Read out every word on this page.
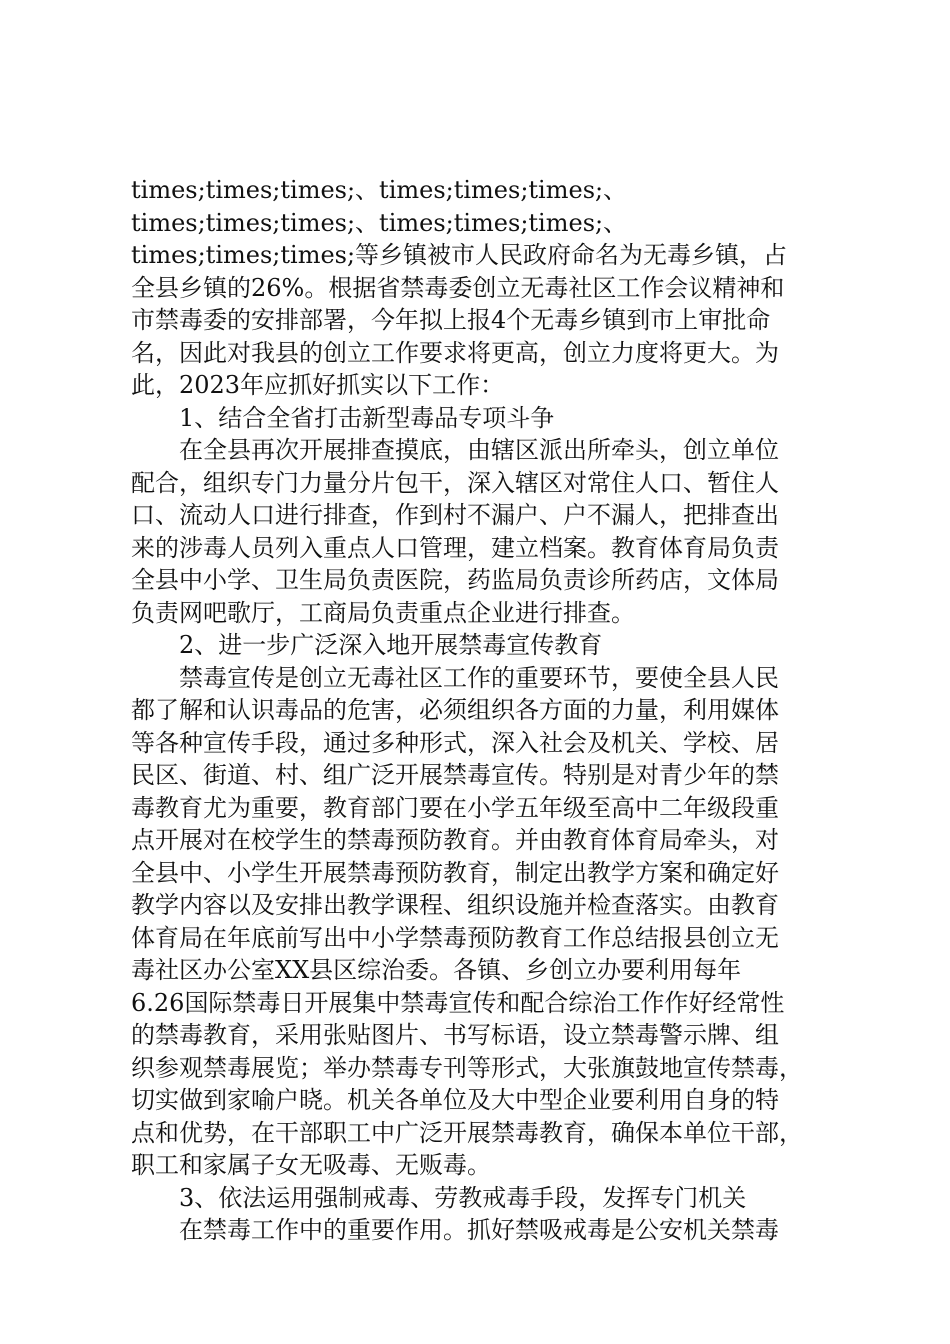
times;times;times;、times;times;times;、
times;times;times;、times;times;times;、
times;times;times;等乡镇被市人民政府命名为无毒乡镇，占
全县乡镇的26%。根据省禁毒委创立无毒社区工作会议精神和
市禁毒委的安排部署，今年拟上报4个无毒乡镇到市上审批命
名，因此对我县的创立工作要求将更高，创立力度将更大。为
此，2023年应抓好抓实以下工作：
1、结合全省打击新型毒品专项斗争
在全县再次开展排查摸底，由辖区派出所牵头，创立单位
配合，组织专门力量分片包干，深入辖区对常住人口、暂住人
口、流动人口进行排查，作到村不漏户、户不漏人，把排查出
来的涉毒人员列入重点人口管理，建立档案。教育体育局负责
全县中小学、卫生局负责医院，药监局负责诊所药店，文体局
负责网吧歌厅，工商局负责重点企业进行排查。
2、进一步广泛深入地开展禁毒宣传教育
禁毒宣传是创立无毒社区工作的重要环节，要使全县人民
都了解和认识毒品的危害，必须组织各方面的力量，利用媒体
等各种宣传手段，通过多种形式，深入社会及机关、学校、居
民区、街道、村、组广泛开展禁毒宣传。特别是对青少年的禁
毒教育尤为重要，教育部门要在小学五年级至高中二年级段重
点开展对在校学生的禁毒预防教育。并由教育体育局牵头，对
全县中、小学生开展禁毒预防教育，制定出教学方案和确定好
教学内容以及安排出教学课程、组织设施并检查落实。由教育
体育局在年底前写出中小学禁毒预防教育工作总结报县创立无
毒社区办公室XX县区综治委。各镇、乡创立办要利用每年
6.26国际禁毒日开展集中禁毒宣传和配合综治工作作好经常性
的禁毒教育，采用张贴图片、书写标语，设立禁毒警示牌、组
织参观禁毒展览；举办禁毒专刊等形式，大张旗鼓地宣传禁毒，
切实做到家喻户晓。机关各单位及大中型企业要利用自身的特
点和优势，在干部职工中广泛开展禁毒教育，确保本单位干部，
职工和家属子女无吸毒、无贩毒。
3、依法运用强制戒毒、劳教戒毒手段，发挥专门机关
在禁毒工作中的重要作用。抓好禁吸戒毒是公安机关禁毒
